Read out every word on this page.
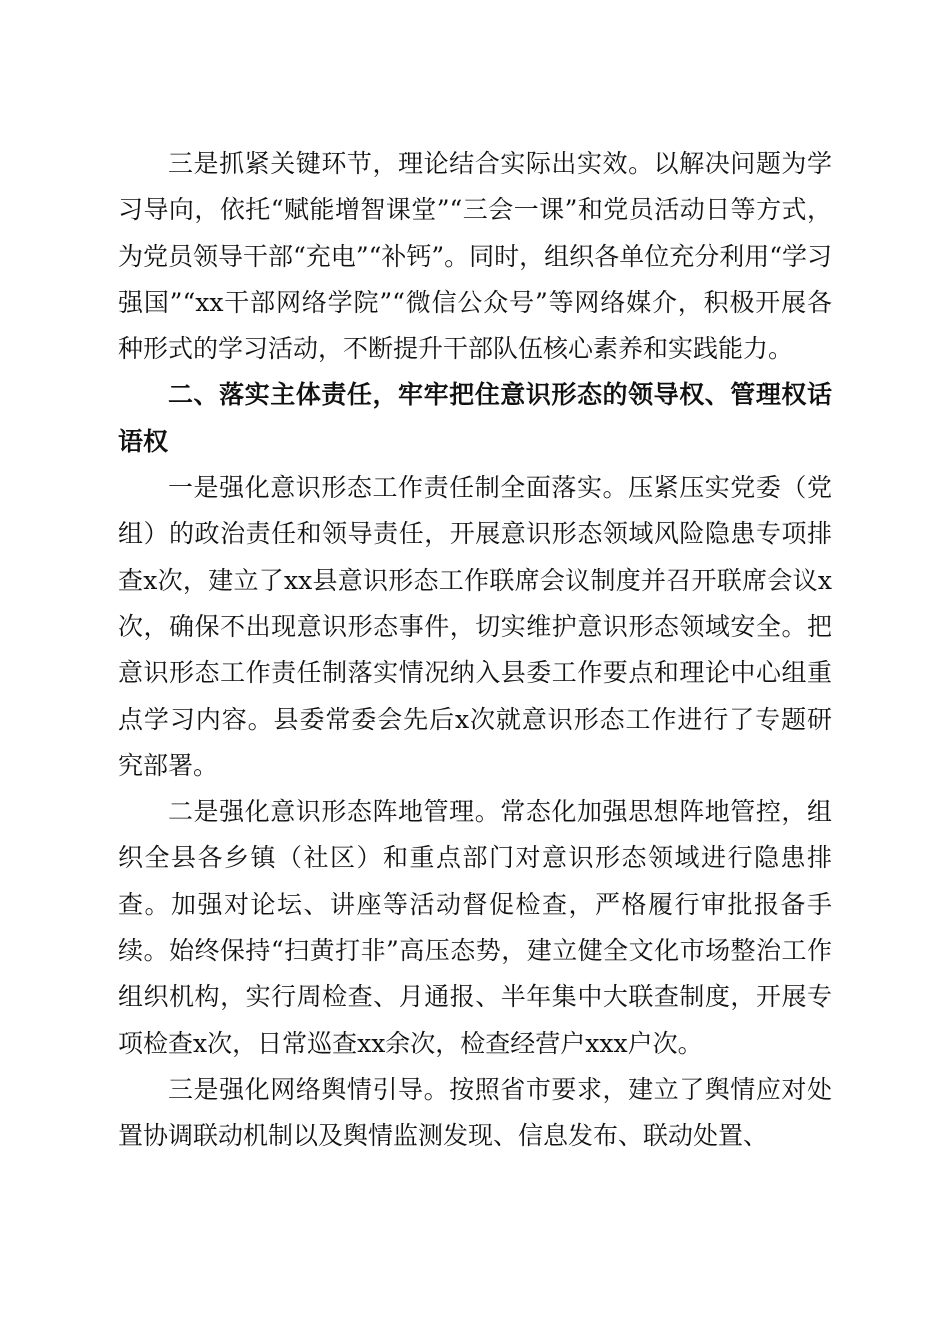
三是抓紧关键环节，理论结合实际出实效。以解决问题为学习导向，依托“赋能增智课堂”“三会一课”和党员活动日等方式，为党员领导干部“充电”“补钙”。同时，组织各单位充分利用“学习强国”“xx干部网络学院”“微信公众号”等网络媒介，积极开展各种形式的学习活动，不断提升干部队伍核心素养和实践能力。

二、落实主体责任，牢牢把住意识形态的领导权、管理权话语权

一是强化意识形态工作责任制全面落实。压紧压实党委（党组）的政治责任和领导责任，开展意识形态领域风险隐患专项排查x次，建立了xx县意识形态工作联席会议制度并召开联席会议x次，确保不出现意识形态事件，切实维护意识形态领域安全。把意识形态工作责任制落实情况纳入县委工作要点和理论中心组重点学习内容。县委常委会先后x次就意识形态工作进行了专题研究部署。

二是强化意识形态阵地管理。常态化加强思想阵地管控，组织全县各乡镇（社区）和重点部门对意识形态领域进行隐患排查。加强对论坛、讲座等活动督促检查，严格履行审批报备手续。始终保持“扫黄打非”高压态势，建立健全文化市场整治工作组织机构，实行周检查、月通报、半年集中大联查制度，开展专项检查x次，日常巡查xx余次，检查经营户xxx户次。

三是强化网络舆情引导。按照省市要求，建立了舆情应对处置协调联动机制以及舆情监测发现、信息发布、联动处置、
